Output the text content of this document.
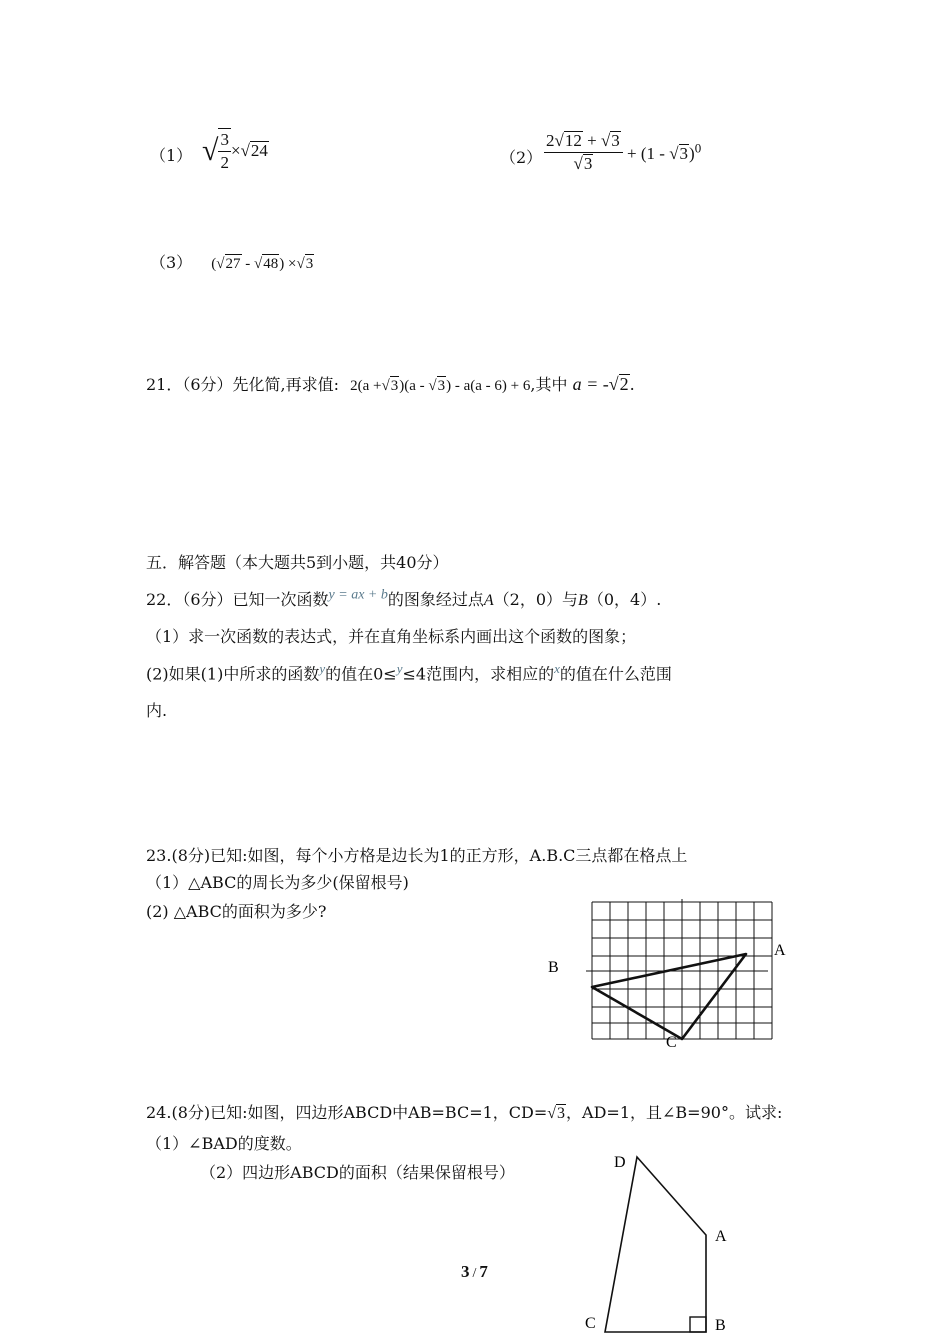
（1） √ $\frac{3}{2} \times√24$	$(2) \frac{2√12 + √3}{√3} + (1 - √3)^0$
（3） (√27 - √48) ×√3
21．（6分）先化简,再求值: 2(a +√3)(a - √3) - a(a - 6) + 6,其中 a = -√2.
五．解答题（本大题共5到小题，共40分）
22．（6分）已知一次函数y = ax + b的图象经过点A（2，0）与B（0，4）.
（1）求一次函数的表达式，并在直角坐标系内画出这个函数的图象；
(2)如果(1)中所求的函数$^y$的值在0≤$^y$≤4范围内，求相应的$^x$的值在什么范围
内.
23.(8分)已知:如图，每个小方格是边长为1的正方形，A.B.C三点都在格点上
（1）△ABC的周长为多少(保留根号)
(2) △ABC的面积为多少?
A
B
C
24.(8分)已知:如图，四边形ABCD中AB=BC=1，CD=√3，AD=1，且∠B=90°。试求:
（1）∠BAD的度数。
（2）四边形ABCD的面积（结果保留根号）
D
A
B
C
3 / 7
